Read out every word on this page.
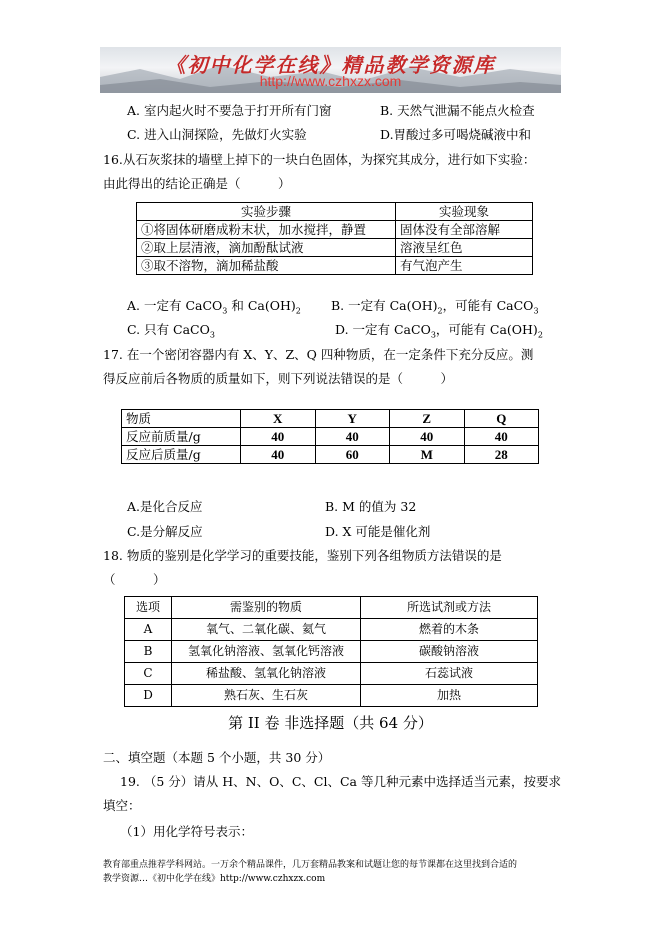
《初中化学在线》精品教学资源库
http://www.czhxzx.com
A. 室内起火时不要急于打开所有门窗	B. 天然气泄漏不能点火检查
C. 进入山洞探险，先做灯火实验	D.胃酸过多可喝烧碱液中和
16.从石灰浆抹的墙壁上掉下的一块白色固体，为探究其成分，进行如下实验：
由此得出的结论正确是（　　　）
实验步骤	实验现象
①将固体研磨成粉末状，加水搅拌，静置	固体没有全部溶解
②取上层清液，滴加酚酞试液	溶液呈红色
③取不溶物，滴加稀盐酸	有气泡产生
A. 一定有 CaCO$_3$ 和 $Ca(OH)_2$ B. 一定有 $Ca(OH)_2$，可能有 CaCO$_3$
C. 只有 CaCO$_3$	D. 一定有 CaCO$_3$，可能有 $Ca(OH)_2$
17. 在一个密闭容器内有 X、Y、Z、Q 四种物质，在一定条件下充分反应。测
得反应前后各物质的质量如下，则下列说法错误的是（　　　）
物质	X	Y	Z	Q
反应前质量/g	40	40	40	40
反应后质量/g	40	60	M	28
A.是化合反应	B. M 的值为 32
C.是分解反应	D. X 可能是催化剂
18. 物质的鉴别是化学学习的重要技能，鉴别下列各组物质方法错误的是
（　　　）
选项	需鉴别的物质	所选试剂或方法
A	氧气、二氧化碳、氦气	燃着的木条
B	氢氧化钠溶液、氢氧化钙溶液	碳酸钠溶液
C	稀盐酸、氢氧化钠溶液	石蕊试液
D	熟石灰、生石灰	加热
第 II 卷 非选择题（共 64 分）
二、填空题（本题 5 个小题，共 30 分）
19. （5 分）请从 H、N、O、C、Cl、Ca 等几种元素中选择适当元素，按要求
填空：
（1）用化学符号表示：
教育部重点推荐学科网站。一万余个精品课件，几万套精品教案和试题让您的每节课都在这里找到合适的
教学资源…《初中化学在线》http://www.czhxzx.com
